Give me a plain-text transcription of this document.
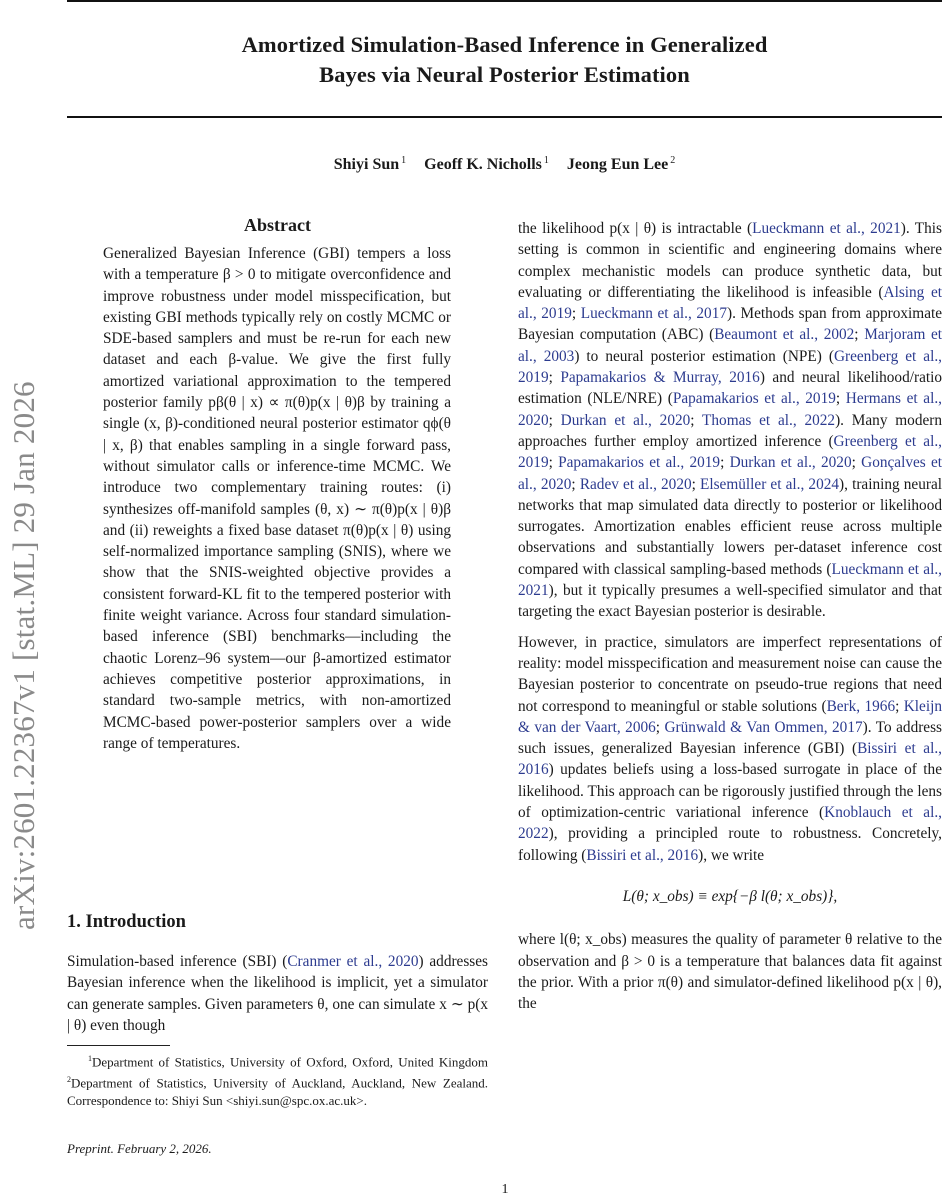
Amortized Simulation-Based Inference in Generalized
Bayes via Neural Posterior Estimation
Shiyi Sun $^1$ Geoff K. Nicholls $^1$ Jeong Eun Lee $^2$
arXiv:2601.22367v1 [stat.ML] 29 Jan 2026
Abstract
Generalized Bayesian Inference (GBI) tempers a loss with a temperature β > 0 to mitigate overconfidence and improve robustness under model misspecification, but existing GBI methods typically rely on costly MCMC or SDE-based samplers and must be re-run for each new dataset and each β-value. We give the first fully amortized variational approximation to the tempered posterior family pβ(θ | x) ∝ π(θ)p(x | θ)β by training a single (x, β)-conditioned neural posterior estimator qϕ(θ | x, β) that enables sampling in a single forward pass, without simulator calls or inference-time MCMC. We introduce two complementary training routes: (i) synthesizes off-manifold samples (θ, x) ∼ π(θ)p(x | θ)β and (ii) reweights a fixed base dataset π(θ)p(x | θ) using self-normalized importance sampling (SNIS), where we show that the SNIS-weighted objective provides a consistent forward-KL fit to the tempered posterior with finite weight variance. Across four standard simulation-based inference (SBI) benchmarks—including the chaotic Lorenz–96 system—our β-amortized estimator achieves competitive posterior approximations, in standard two-sample metrics, with non-amortized MCMC-based power-posterior samplers over a wide range of temperatures.
1. Introduction

Simulation-based inference (SBI) (Cranmer et al., 2020) addresses Bayesian inference when the likelihood is implicit, yet a simulator can generate samples. Given parameters θ, one can simulate x ∼ p(x | θ) even though

$^1$Department of Statistics, University of Oxford, Oxford, United Kingdom $^2$Department of Statistics, University of Auckland, Auckland, New Zealand. Correspondence to: Shiyi Sun <shiyi.sun@spc.ox.ac.uk>.
Preprint. February 2, 2026.

the likelihood p(x | θ) is intractable (Lueckmann et al., 2021). This setting is common in scientific and engineering domains where complex mechanistic models can produce synthetic data, but evaluating or differentiating the likelihood is infeasible (Alsing et al., 2019; Lueckmann et al., 2017). Methods span from approximate Bayesian computation (ABC) (Beaumont et al., 2002; Marjoram et al., 2003) to neural posterior estimation (NPE) (Greenberg et al., 2019; Papamakarios & Murray, 2016) and neural likelihood/ratio estimation (NLE/NRE) (Papamakarios et al., 2019; Hermans et al., 2020; Durkan et al., 2020; Thomas et al., 2022). Many modern approaches further employ amortized inference (Greenberg et al., 2019; Papamakarios et al., 2019; Durkan et al., 2020; Gonçalves et al., 2020; Radev et al., 2020; Elsemüller et al., 2024), training neural networks that map simulated data directly to posterior or likelihood surrogates. Amortization enables efficient reuse across multiple observations and substantially lowers per-dataset inference cost compared with classical sampling-based methods (Lueckmann et al., 2021), but it typically presumes a well-specified simulator and that targeting the exact Bayesian posterior is desirable.

However, in practice, simulators are imperfect representations of reality: model misspecification and measurement noise can cause the Bayesian posterior to concentrate on pseudo-true regions that need not correspond to meaningful or stable solutions (Berk, 1966; Kleijn & van der Vaart, 2006; Grünwald & Van Ommen, 2017). To address such issues, generalized Bayesian inference (GBI) (Bissiri et al., 2016) updates beliefs using a loss-based surrogate in place of the likelihood. This approach can be rigorously justified through the lens of optimization-centric variational inference (Knoblauch et al., 2022), providing a principled route to robustness. Concretely, following (Bissiri et al., 2016), we write

L(θ; x_obs) ≡ exp{−β l(θ; x_obs)},

where l(θ; x_obs) measures the quality of parameter θ relative to the observation and β > 0 is a temperature that balances data fit against the prior. With a prior π(θ) and simulator-defined likelihood p(x | θ), the

1
